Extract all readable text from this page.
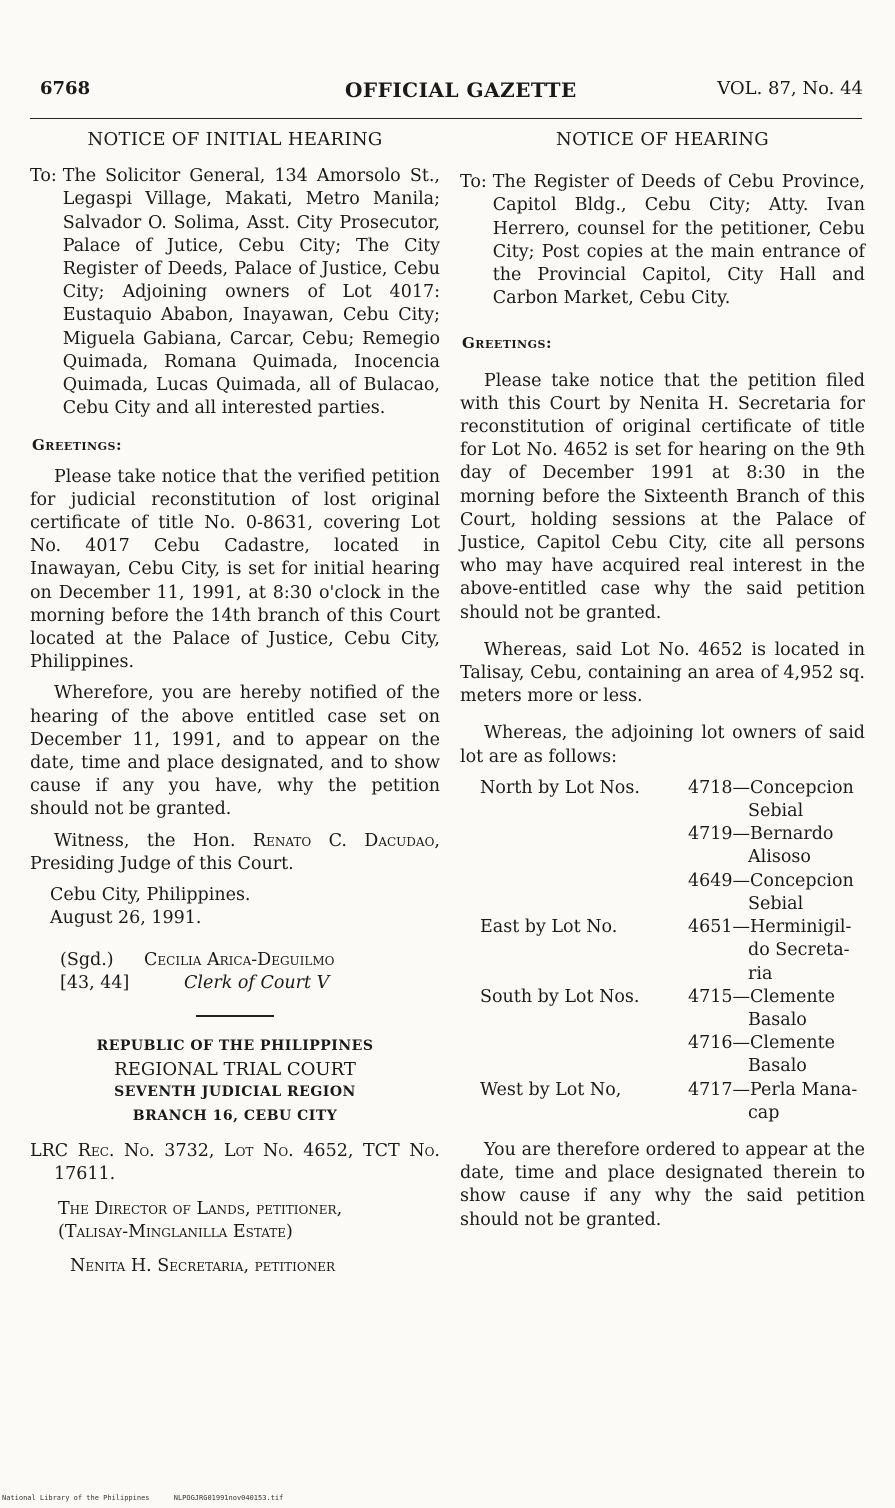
6768	OFFICIAL GAZETTE	VOL. 87, No. 44
NOTICE OF INITIAL HEARING
To: The Solicitor General, 134 Amorsolo St., Legaspi Village, Makati, Metro Manila; Salvador O. Solima, Asst. City Prosecutor, Palace of Jutice, Cebu City; The City Register of Deeds, Palace of Justice, Cebu City; Adjoining owners of Lot 4017: Eustaquio Ababon, Inayawan, Cebu City; Miguela Gabiana, Carcar, Cebu; Remegio Quimada, Romana Quimada, Inocencia Quimada, Lucas Quimada, all of Bulacao, Cebu City and all interested parties.
Greetings:

Please take notice that the verified petition for judicial reconstitution of lost original certificate of title No. 0-8631, covering Lot No. 4017 Cebu Cadastre, located in Inawayan, Cebu City, is set for initial hearing on December 11, 1991, at 8:30 o'clock in the morning before the 14th branch of this Court located at the Palace of Justice, Cebu City, Philippines.

Wherefore, you are hereby notified of the hearing of the above entitled case set on December 11, 1991, and to appear on the date, time and place designated, and to show cause if any you have, why the petition should not be granted.

Witness, the Hon. Renato C. Dacudao, Presiding Judge of this Court.

Cebu City, Philippines.
August 26, 1991.
(Sgd.)	Cecilia Arica-Deguilmo
[43, 44]	Clerk of Court V
REPUBLIC OF THE PHILIPPINES
REGIONAL TRIAL COURT
SEVENTH JUDICIAL REGION
BRANCH 16, CEBU CITY

LRC Rec. No. 3732, Lot No. 4652, TCT No. 17611.

The Director of Lands, petitioner,
(Talisay-Minglanilla Estate)
Nenita H. Secretaria, petitioner
NOTICE OF HEARING
To: The Register of Deeds of Cebu Province, Capitol Bldg., Cebu City; Atty. Ivan Herrero, counsel for the petitioner, Cebu City; Post copies at the main entrance of the Provincial Capitol, City Hall and Carbon Market, Cebu City.
Greetings:

Please take notice that the petition filed with this Court by Nenita H. Secretaria for reconstitution of original certificate of title for Lot No. 4652 is set for hearing on the 9th day of December 1991 at 8:30 in the morning before the Sixteenth Branch of this Court, holding sessions at the Palace of Justice, Capitol Cebu City, cite all persons who may have acquired real interest in the above-entitled case why the said petition should not be granted.

Whereas, said Lot No. 4652 is located in Talisay, Cebu, containing an area of 4,952 sq. meters more or less.

Whereas, the adjoining lot owners of said lot are as follows:

North by Lot Nos.	4718—Concepcion
Sebial
4719—Bernardo
Alisoso
4649—Concepcion
Sebial
East by Lot No.	4651—Herminigil-
do Secreta-
ria
South by Lot Nos.	4715—Clemente
Basalo
4716—Clemente
Basalo
West by Lot No,	4717—Perla Mana-
cap

You are therefore ordered to appear at the date, time and place designated therein to show cause if any why the said petition should not be granted.

National Library of the Philippines	NLPOGJRG01991nov040153.tif
